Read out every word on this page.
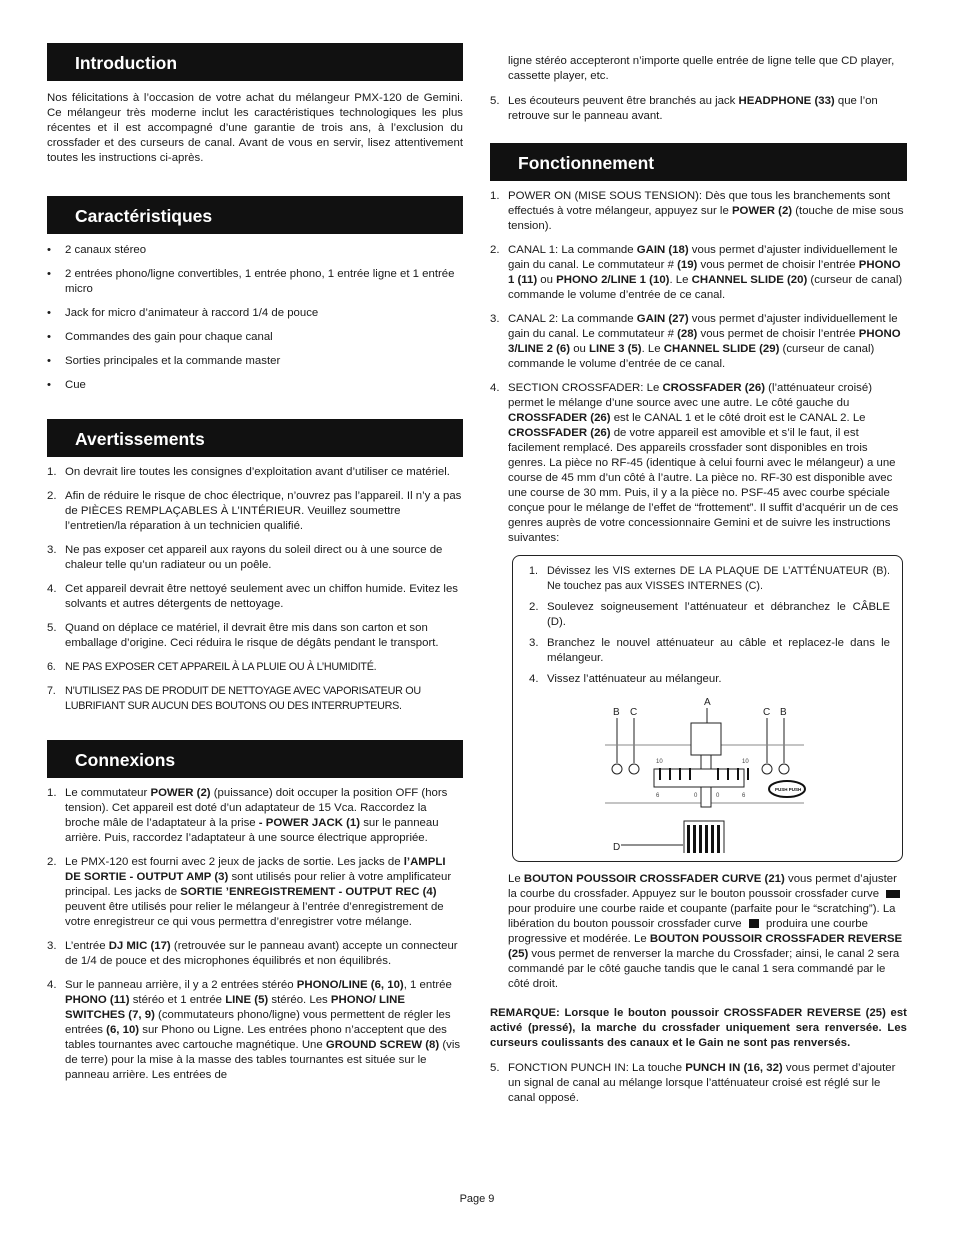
Introduction

Nos félicitations à l’occasion de votre achat du mélangeur PMX-120 de Gemini. Ce mélangeur très moderne inclut les caractéristiques technologiques les plus récentes et il est accompagné d’une garantie de trois ans, à l’exclusion du crossfader et des curseurs de canal. Avant de vous en servir, lisez attentivement toutes les instructions ci-après.

Caractéristiques
• 2 canaux stéreo
• 2 entrées phono/ligne convertibles, 1 entrée phono, 1 entrée ligne et 1 entrée micro
• Jack for micro d’animateur à raccord 1/4 de pouce
• Commandes des gain pour chaque canal
• Sorties principales et la commande master
• Cue
Avertissements
1. On devrait lire toutes les consignes d’exploitation avant d’utiliser ce matériel.
2. Afin de réduire le risque de choc électrique, n’ouvrez pas l’appareil. Il n’y a pas de PIÈCES REMPLAÇABLES À L’INTÉRIEUR. Veuillez soumettre l’entretien/la réparation à un technicien qualifié.
3. Ne pas exposer cet appareil aux rayons du soleil direct ou à une source de chaleur telle qu’un radiateur ou un poêle.
4. Cet appareil devrait être nettoyé seulement avec un chiffon humide. Evitez les solvants et autres détergents de nettoyage.
5. Quand on déplace ce matériel, il devrait être mis dans son carton et son emballage d’origine. Ceci réduira le risque de dégâts pendant le transport.
6. NE PAS EXPOSER CET APPAREIL À LA PLUIE OU À L’HUMIDITÉ.
7. N’UTILISEZ PAS DE PRODUIT DE NETTOYAGE AVEC VAPORISATEUR OU LUBRIFIANT SUR AUCUN DES BOUTONS OU DES INTERRUPTEURS.
Connexions
1. Le commutateur POWER (2) (puissance) doit occuper la position OFF (hors tension). Cet appareil est doté d’un adaptateur de 15 Vca. Raccordez la broche mâle de l’adaptateur à la prise - POWER JACK (1) sur le panneau arrière. Puis, raccordez l’adaptateur à une source électrique appropriée.
2. Le PMX-120 est fourni avec 2 jeux de jacks de sortie. Les jacks de l’AMPLI DE SORTIE - OUTPUT AMP (3) sont utilisés pour relier à votre amplificateur principal. Les jacks de SORTIE ’ENREGISTREMENT - OUTPUT REC (4) peuvent être utilisés pour relier le mélangeur à l’entrée d’enregistrement de votre enregistreur ce qui vous permettra d’enregistrer votre mélange.
3. L’entrée DJ MIC (17) (retrouvée sur le panneau avant) accepte un connecteur de 1/4 de pouce et des microphones équilibrés et non équilibrés.
4. Sur le panneau arrière, il y a 2 entrées stéréo PHONO/LINE (6, 10), 1 entrée PHONO (11) stéréo et 1 entrée LINE (5) stéréo. Les PHONO/ LINE SWITCHES (7, 9) (commutateurs phono/ligne) vous permettent de régler les entrées (6, 10) sur Phono ou Ligne. Les entrées phono n’acceptent que des tables tournantes avec cartouche magnétique. Une GROUND SCREW (8) (vis de terre) pour la mise à la masse des tables tournantes est située sur le panneau arrière. Les entrées de

ligne stéréo accepteront n’importe quelle entrée de ligne telle que CD player, cassette player, etc.

5. Les écouteurs peuvent être branchés au jack HEADPHONE (33) que l’on retrouve sur le panneau avant.
Fonctionnement
1. POWER ON (MISE SOUS TENSION): Dès que tous les branchements sont effectués à votre mélangeur, appuyez sur le POWER (2) (touche de mise sous tension).
2. CANAL 1: La commande GAIN (18) vous permet d’ajuster individuellement le gain du canal. Le commutateur # (19) vous permet de choisir l’entrée PHONO 1 (11) ou PHONO 2/LINE 1 (10). Le CHANNEL SLIDE (20) (curseur de canal) commande le volume d’entrée de ce canal.
3. CANAL 2: La commande GAIN (27) vous permet d’ajuster individuellement le gain du canal. Le commutateur # (28) vous permet de choisir l’entrée PHONO 3/LINE 2 (6) ou LINE 3 (5). Le CHANNEL SLIDE (29) (curseur de canal) commande le volume d’entrée de ce canal.
4. SECTION CROSSFADER: Le CROSSFADER (26) (l’atténuateur croisé) permet le mélange d’une source avec une autre. Le côté gauche du CROSSFADER (26) est le CANAL 1 et le côté droit est le CANAL 2. Le CROSSFADER (26) de votre appareil est amovible et s’il le faut, il est facilement remplacé. Des appareils crossfader sont disponibles en trois genres. La pièce no RF-45 (identique à celui fourni avec le mélangeur) a une course de 45 mm d’un côté à l’autre. La pièce no. RF-30 est disponible avec une course de 30 mm. Puis, il y a la pièce no. PSF-45 avec courbe spéciale conçue pour le mélange de l’effet de “frottement”. Il suffit d’acquérir un de ces genres auprès de votre concessionnaire Gemini et de suivre les instructions suivantes:
1. Dévissez les VIS externes DE LA PLAQUE DE L’ATTÉNUATEUR (B). Ne touchez pas aux VISSES INTERNES (C).
2. Soulevez soigneusement l’atténuateur et débranchez le CÂBLE (D).
3. Branchez le nouvel atténuateur au câble et replacez-le dans le mélangeur.
4. Vissez l’atténuateur au mélangeur.
B C
A
C B
D
10
6
10
6
0	0
PUSH PUSH

Le BOUTON POUSSOIR CROSSFADER CURVE (21) vous permet d’ajuster la courbe du crossfader. Appuyez sur le bouton poussoir crossfader curve  pour produire une courbe raide et coupante (parfaite pour le “scratching”). La libération du bouton poussoir crossfader curve  produira une courbe progressive et modérée. Le BOUTON POUSSOIR CROSSFADER REVERSE (25) vous permet de renverser la marche du Crossfader; ainsi, le canal 2 sera commandé par le côté gauche tandis que le canal 1 sera commandé par le côté droit.

REMARQUE: Lorsque le bouton poussoir CROSSFADER REVERSE (25) est activé (pressé), la marche du crossfader uniquement sera renversée. Les curseurs coulissants des canaux et le Gain ne sont pas renversés.

5. FONCTION PUNCH IN: La touche PUNCH IN (16, 32) vous permet d’ajouter un signal de canal au mélange lorsque l’atténuateur croisé est réglé sur le canal opposé.
Page 9
